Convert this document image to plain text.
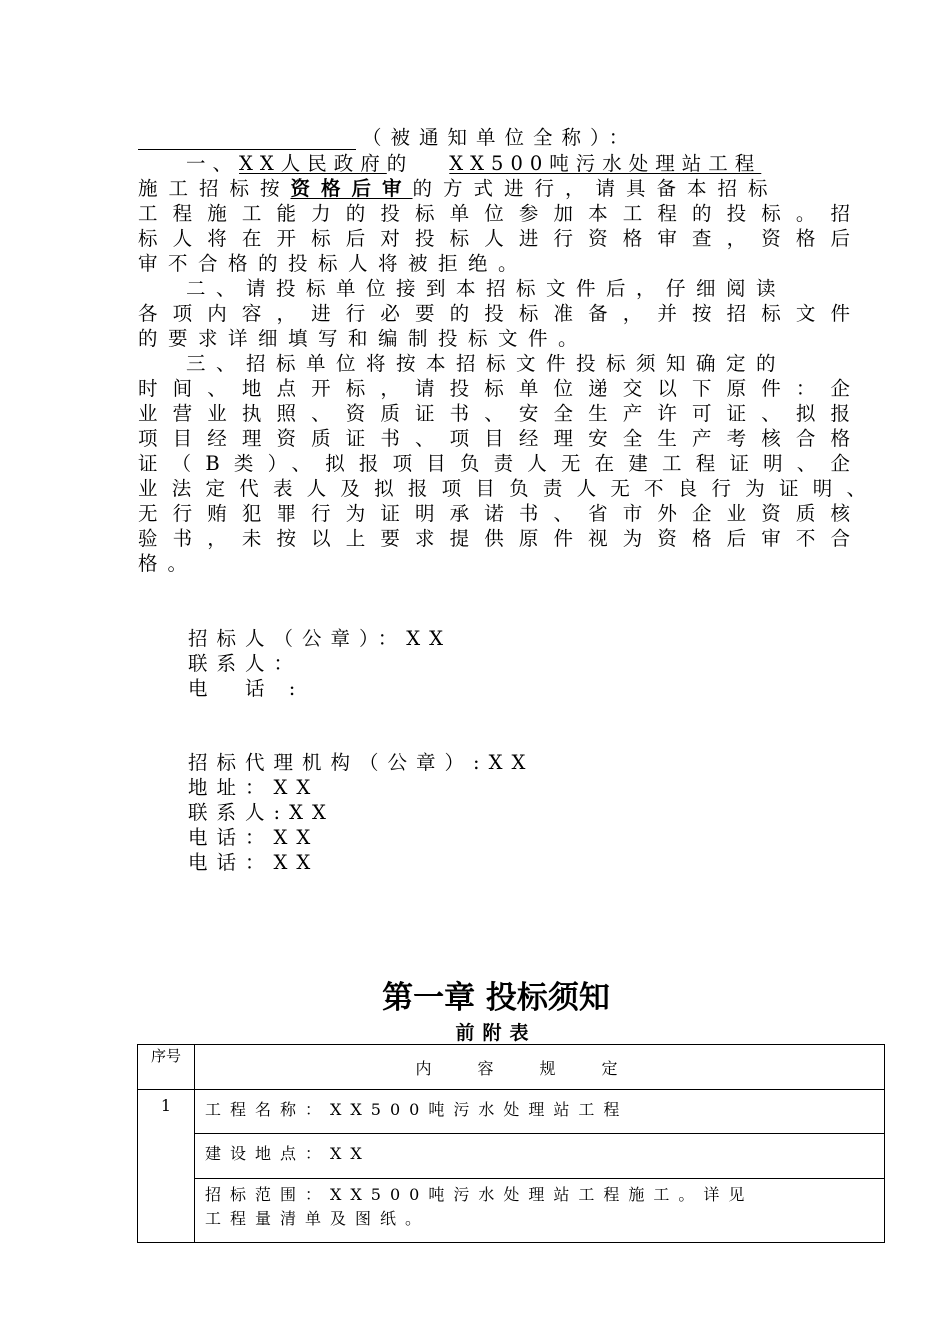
（被通知单位全称）：
一、XX人民政府的 XX500吨污水处理站工程
施工招标按资格后审的方式进行，请具备本招标
工程施工能力的投标单位参加本工程的投标。招
标人将在开标后对投标人进行资格审查，资格后
审不合格的投标人将被拒绝。
二、请投标单位接到本招标文件后，仔细阅读
各项内容，进行必要的投标准备，并按招标文件
的要求详细填写和编制投标文件。
三、招标单位将按本招标文件投标须知确定的
时间、地点开标，请投标单位递交以下原件：企
业营业执照、资质证书、安全生产许可证、拟报
项目经理资质证书、项目经理安全生产考核合格
证（B类）、拟报项目负责人无在建工程证明、企
业法定代表人及拟报项目负责人无不良行为证明、
无行贿犯罪行为证明承诺书、省市外企业资质核
验书，未按以上要求提供原件视为资格后审不合
格。
招标人（公章）：XX
联系人：
电　话 :
招标代理机构（公章）:XX
地址：XX
联系人:XX
电话：XX
电话：XX
第一章 投标须知
前附表
序号	内容规定
1	工程名称：XX500吨污水处理站工程
	建设地点：XX

	招标范围：XX500吨污水处理站工程施工。详见
工程量清单及图纸。
